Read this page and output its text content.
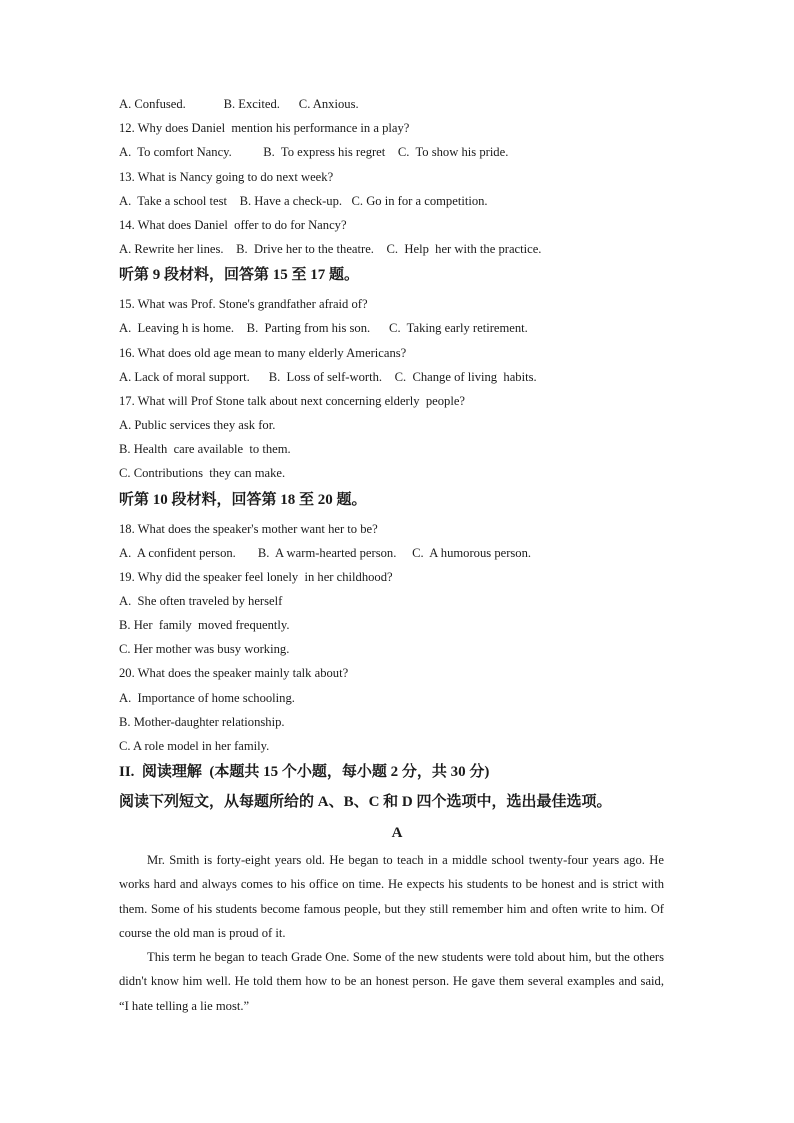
A. Confused.            B. Excited.      C. Anxious.
12. Why does Daniel  mention his performance in a play?
A.  To comfort Nancy.          B.  To express his regret    C.  To show his pride.
13. What is Nancy going to do next week?
A.  Take a school test    B. Have a check-up.   C. Go in for a competition.
14. What does Daniel  offer to do for Nancy?
A. Rewrite her lines.    B.  Drive her to the theatre.    C.  Help  her with the practice.
听第 9 段材料，回答第 15 至 17 题。
15. What was Prof. Stone's grandfather afraid of?
A.  Leaving h is home.    B.  Parting from his son.      C.  Taking early retirement.
16. What does old age mean to many elderly Americans?
A. Lack of moral support.      B.  Loss of self-worth.    C.  Change of living  habits.
17. What will Prof Stone talk about next concerning elderly  people?
A. Public services they ask for.
B. Health  care available  to them.
C. Contributions  they can make.
听第 10 段材料，回答第 18 至 20 题。
18. What does the speaker's mother want her to be?
A.  A confident person.       B.  A warm-hearted person.     C.  A humorous person.
19. Why did the speaker feel lonely  in her childhood?
A.  She often traveled by herself
B. Her  family  moved frequently.
C. Her mother was busy working.
20. What does the speaker mainly talk about?
A.  Importance of home schooling.
B. Mother-daughter relationship.
C. A role model in her family.
II.  阅读理解  (本题共 15 个小题，每小题 2 分，共 30 分)
阅读下列短文，从每题所给的 A、B、C 和 D 四个选项中，选出最佳选项。
A
Mr. Smith is forty-eight years old. He began to teach in a middle school twenty-four years ago. He works hard and always comes to his office on time. He expects his students to be honest and is strict with them. Some of his students become famous people, but they still remember him and often write to him. Of course the old man is proud of it.
This term he began to teach Grade One. Some of the new students were told about him, but the others didn't know him well. He told them how to be an honest person. He gave them several examples and said, “I hate telling a lie most.”
